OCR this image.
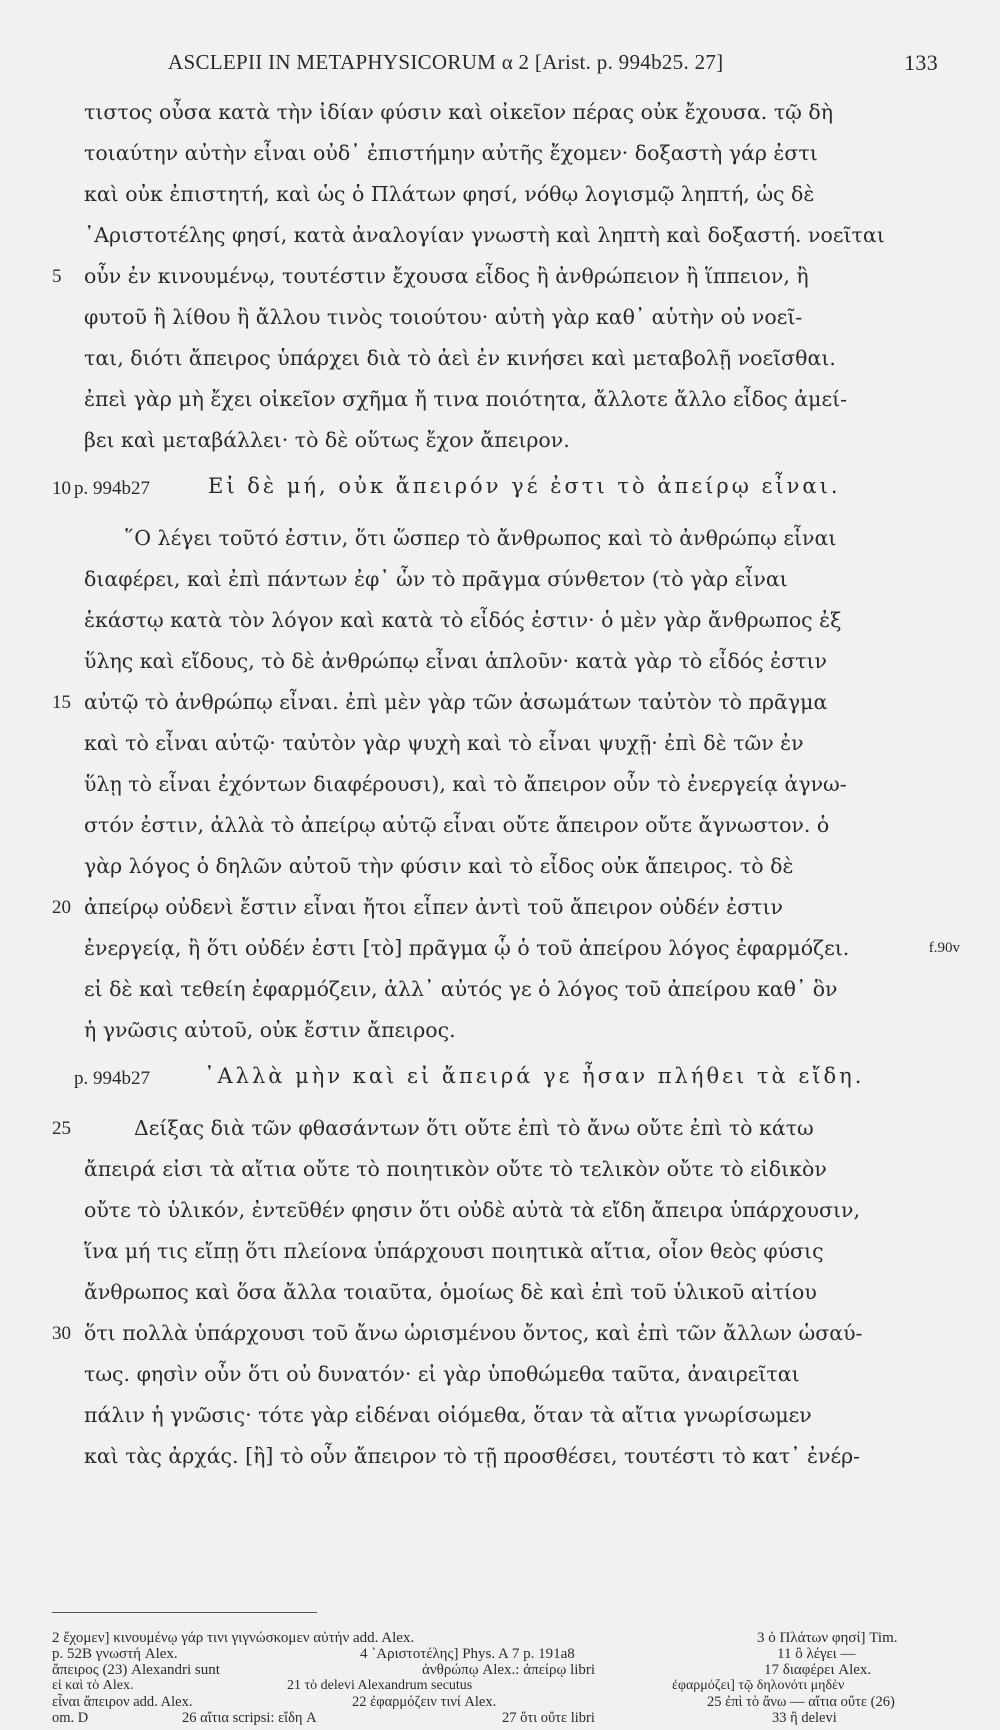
ASCLEPII IN METAPHYSICORUM α 2 [Arist. p. 994b25. 27]	133
τιστος οὖσα κατὰ τὴν ἰδίαν φύσιν καὶ οἰκεῖον πέρας οὐκ ἔχουσα. τῷ δὴ
τοιαύτην αὐτὴν εἶναι οὐδ᾽ ἐπιστήμην αὐτῆς ἔχομεν· δοξαστὴ γάρ ἐστι
καὶ οὐκ ἐπιστητή, καὶ ὡς ὁ Πλάτων φησί, νόθῳ λογισμῷ ληπτή, ὡς δὲ
᾽Αριστοτέλης φησί, κατὰ ἀναλογίαν γνωστὴ καὶ ληπτὴ καὶ δοξαστή. νοεῖται
5 οὖν ἐν κινουμένῳ, τουτέστιν ἔχουσα εἶδος ἢ ἀνθρώπειον ἢ ἵππειον, ἢ
φυτοῦ ἢ λίθου ἢ ἄλλου τινὸς τοιούτου· αὐτὴ γὰρ καθ᾽ αὑτὴν οὐ νοεῖ-
ται, διότι ἄπειρος ὑπάρχει διὰ τὸ ἀεὶ ἐν κινήσει καὶ μεταβολῇ νοεῖσθαι.
ἐπεὶ γὰρ μὴ ἔχει οἰκεῖον σχῆμα ἤ τινα ποιότητα, ἄλλοτε ἄλλο εἶδος ἀμεί-
βει καὶ μεταβάλλει· τὸ δὲ οὕτως ἔχον ἄπειρον.
10 p. 994b27	Εἰ δὲ μή, οὐκ ἄπειρόν γέ ἐστι τὸ ἀπείρῳ εἶναι.
῞Ο λέγει τοῦτό ἐστιν, ὅτι ὥσπερ τὸ ἄνθρωπος καὶ τὸ ἀνθρώπῳ εἶναι
διαφέρει, καὶ ἐπὶ πάντων ἐφ᾽ ὧν τὸ πρᾶγμα σύνθετον (τὸ γὰρ εἶναι
ἑκάστῳ κατὰ τὸν λόγον καὶ κατὰ τὸ εἶδός ἐστιν· ὁ μὲν γὰρ ἄνθρωπος ἐξ
ὕλης καὶ εἴδους, τὸ δὲ ἀνθρώπῳ εἶναι ἁπλοῦν· κατὰ γὰρ τὸ εἶδός ἐστιν
15 αὐτῷ τὸ ἀνθρώπῳ εἶναι. ἐπὶ μὲν γὰρ τῶν ἀσωμάτων ταὐτὸν τὸ πρᾶγμα
καὶ τὸ εἶναι αὐτῷ· ταὐτὸν γὰρ ψυχὴ καὶ τὸ εἶναι ψυχῇ· ἐπὶ δὲ τῶν ἐν
ὕλῃ τὸ εἶναι ἐχόντων διαφέρουσι), καὶ τὸ ἄπειρον οὖν τὸ ἐνεργείᾳ ἀγνω-
στόν ἐστιν, ἀλλὰ τὸ ἀπείρῳ αὐτῷ εἶναι οὔτε ἄπειρον οὔτε ἄγνωστον. ὁ
γὰρ λόγος ὁ δηλῶν αὐτοῦ τὴν φύσιν καὶ τὸ εἶδος οὐκ ἄπειρος. τὸ δὲ
20 ἀπείρῳ οὐδενὶ ἔστιν εἶναι ἤτοι εἶπεν ἀντὶ τοῦ ἄπειρον οὐδέν ἐστιν
ἐνεργείᾳ, ἢ ὅτι οὐδέν ἐστι [τὸ] πρᾶγμα ᾧ ὁ τοῦ ἀπείρου λόγος ἐφαρμόζει.	f.90v
εἰ δὲ καὶ τεθείη ἐφαρμόζειν, ἀλλ᾽ αὐτός γε ὁ λόγος τοῦ ἀπείρου καθ᾽ ὃν
ἡ γνῶσις αὐτοῦ, οὐκ ἔστιν ἄπειρος.
p. 994b27	᾽Αλλὰ μὴν καὶ εἰ ἄπειρά γε ἦσαν πλήθει τὰ εἴδη.
25	Δείξας διὰ τῶν φθασάντων ὅτι οὔτε ἐπὶ τὸ ἄνω οὔτε ἐπὶ τὸ κάτω
ἄπειρά εἰσι τὰ αἴτια οὔτε τὸ ποιητικὸν οὔτε τὸ τελικὸν οὔτε τὸ εἰδικὸν
οὔτε τὸ ὑλικόν, ἐντεῦθέν φησιν ὅτι οὐδὲ αὐτὰ τὰ εἴδη ἄπειρα ὑπάρχουσιν,
ἵνα μή τις εἴπῃ ὅτι πλείονα ὑπάρχουσι ποιητικὰ αἴτια, οἷον θεὸς φύσις
ἄνθρωπος καὶ ὅσα ἄλλα τοιαῦτα, ὁμοίως δὲ καὶ ἐπὶ τοῦ ὑλικοῦ αἰτίου
30 ὅτι πολλὰ ὑπάρχουσι τοῦ ἄνω ὡρισμένου ὄντος, καὶ ἐπὶ τῶν ἄλλων ὡσαύ-
τως. φησὶν οὖν ὅτι οὐ δυνατόν· εἰ γὰρ ὑποθώμεθα ταῦτα, ἀναιρεῖται
πάλιν ἡ γνῶσις· τότε γὰρ εἰδέναι οἰόμεθα, ὅταν τὰ αἴτια γνωρίσωμεν
καὶ τὰς ἀρχάς. [ἢ] τὸ οὖν ἄπειρον τὸ τῇ προσθέσει, τουτέστι τὸ κατ᾽ ἐνέρ-
2 ἔχομεν] κινουμένῳ γάρ τινι γιγνώσκομεν αὐτήν add. Alex.	3 ὁ Πλάτων φησί] Tim.
p. 52B γνωστή Alex.	4 ᾽Αριστοτέλης] Phys. A 7 p. 191a8	11 ὃ λέγει —
ἄπειρος (23) Alexandri sunt	ἀνθρώπῳ Alex.: ἀπείρῳ libri	17 διαφέρει Alex.
εἰ καὶ τὸ Alex.	21 τὸ delevi Alexandrum secutus	ἐφαρμόζει] τῷ δηλονότι μηδὲν
εἶναι ἄπειρον add. Alex.	22 ἐφαρμόζειν τινί Alex.	25 ἐπὶ τὸ ἄνω — αἴτια οὔτε (26)
om. D	26 αἴτια scripsi: εἴδη A	27 ὅτι οὔτε libri	33 ἢ delevi
